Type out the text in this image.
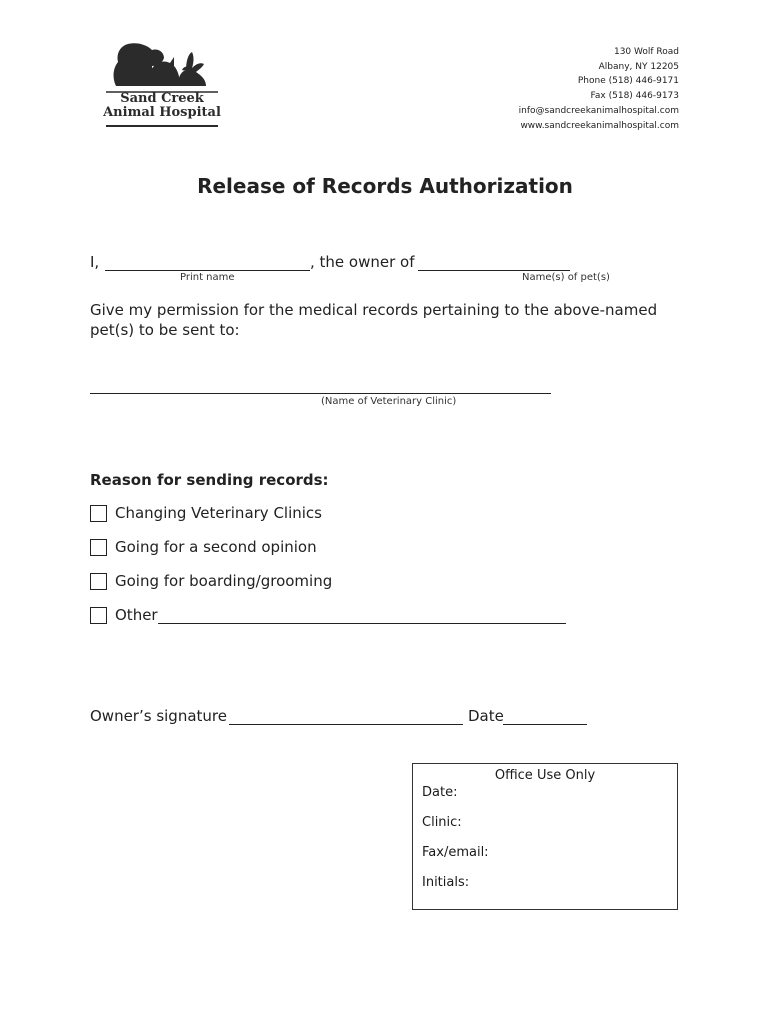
Sand Creek
Animal Hospital
130 Wolf Road
Albany, NY 12205
Phone (518) 446-9171
Fax (518) 446-9173
info@sandcreekanimalhospital.com
www.sandcreekanimalhospital.com
Release of Records Authorization
I,	, the owner of
Print name	Name(s) of pet(s)
Give my permission for the medical records pertaining to the above-named
pet(s) to be sent to:
(Name of Veterinary Clinic)
Reason for sending records:
Changing Veterinary Clinics
Going for a second opinion
Going for boarding/grooming
Other
Owner’s signature	Date
Office Use Only
Date:
Clinic:
Fax/email:
Initials:
